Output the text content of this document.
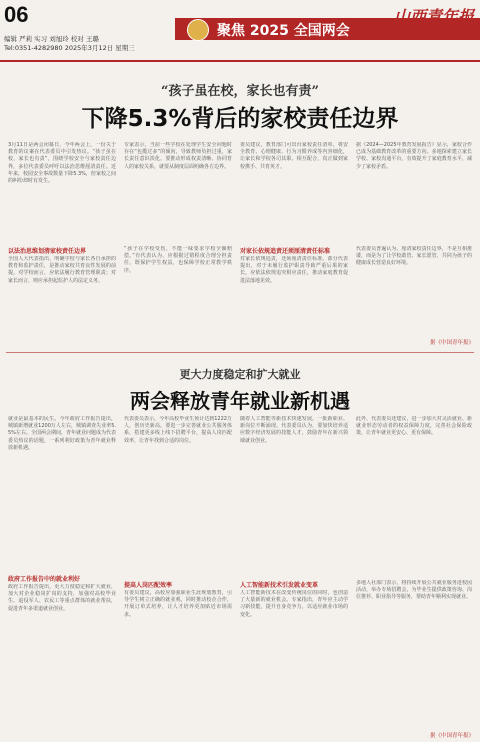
06
编辑 严莉 实习 刘旭玲 校对 王璐
Tel:0351-4282980 2025年3月12日 星期三
聚焦 2025 全国两会
山西青年报
“孩子虽在校，家长也有责”
下降5.3%背后的家校责任边界
3月11日是两会闭幕日，今年两会上，一份关于教育的议案在代表委员中引发热议。“孩子虽在校，家长也有责”，围绕学校安全与家校责任边界，多位代表委员呼吁以法治思维厘清责任。近年来，校园安全事故数量下降5.3%，但家校之间的纠纷却时有发生。
以法治思维划清家校责任边界
全国人大代表指出，明确学校与家长各自承担的教育和监护责任，是推动家校共育良性发展的前提。对学校而言，应依法履行教育管理职责；对家长而言，则应承担起监护人的法定义务。
专家表示，当前一些学校在处理学生安全问题时存在“包揽过多”的倾向，导致教师负担过重，家长责任意识淡化。要推动形成权责清晰、协同育人的家校关系，就要从制度层面明确各方边界。
“孩子在学校受伤，不能一味要求学校全额赔偿。”有代表认为，应根据过错程度合理分担责任，既保护学生权益，也保障学校正常教学秩序。
委员建议，教育部门可出台家校责任清单，将安全教育、心理健康、行为习惯养成等内容细化，让家长和学校各司其职、相互配合，真正做到家校携手、共育英才。
对家长依规追责还须厘清责任标准
对家长依规追责，还须厘清责任标准。部分代表提出，对于未履行监护职责导致严重后果的家长，应依法依规追究相应责任，推动家庭教育促进法落地见效。
据《2024—2025年教育发展报告》显示，家校合作已成为基础教育改革的重要方向。多地探索建立家长学校、家校沟通平台，有效提升了家庭教育水平，减少了家校矛盾。
代表委员普遍认为，厘清家校责任边界，不是互相推诿，而是为了让学校敢管、家长愿管，共同为孩子的健康成长营造良好环境。
据《中国青年报》
更大力度稳定和扩大就业
两会释放青年就业新机遇
就业是最基本的民生。今年政府工作报告提出，城镇新增就业1200万人左右，城镇调查失业率5.5%左右。全国两会期间，青年就业问题成为代表委员热议的话题，一系列利好政策为青年就业释放新机遇。
政府工作报告中的就业利好
政府工作报告提出，更大力度稳定和扩大就业，加大对企业稳岗扩岗的支持，加强对高校毕业生、退役军人、农民工等重点群体的就业帮扶，促进青年多渠道就业创业。
代表委员表示，今年高校毕业生预计达到1222万人，创历史新高。要进一步完善就业公共服务体系，搭建更多线上线下招聘平台，提高人岗匹配效率，让青年找到合适的岗位。
提高人岗匹配效率
有委员建议，高校应加强职业生涯规划教育，引导学生树立正确的就业观，同时推动校企合作，开展订单式培养，让人才培养更加贴近市场需求。
随着人工智能等新技术快速发展，一批新职业、新岗位不断涌现。代表委员认为，要加快培养适应数字经济发展的技能人才，鼓励青年在新兴领域就业创业。
人工智能新技术引发就业变革
人工智能新技术在改变传统岗位的同时，也创造了大量新的就业机会。专家指出，青年应主动学习新技能，提升自身竞争力，以适应就业市场的变化。
此外，代表委员还建议，进一步加大对灵活就业、新就业形态劳动者的权益保障力度，完善社会保险政策，让青年就业更安心、更有保障。
多地人社部门表示，将持续开展公共就业服务进校园活动，举办专场招聘会，为毕业生提供政策咨询、岗位推荐、职业指导等服务，帮助青年顺利实现就业。
据《中国青年报》
